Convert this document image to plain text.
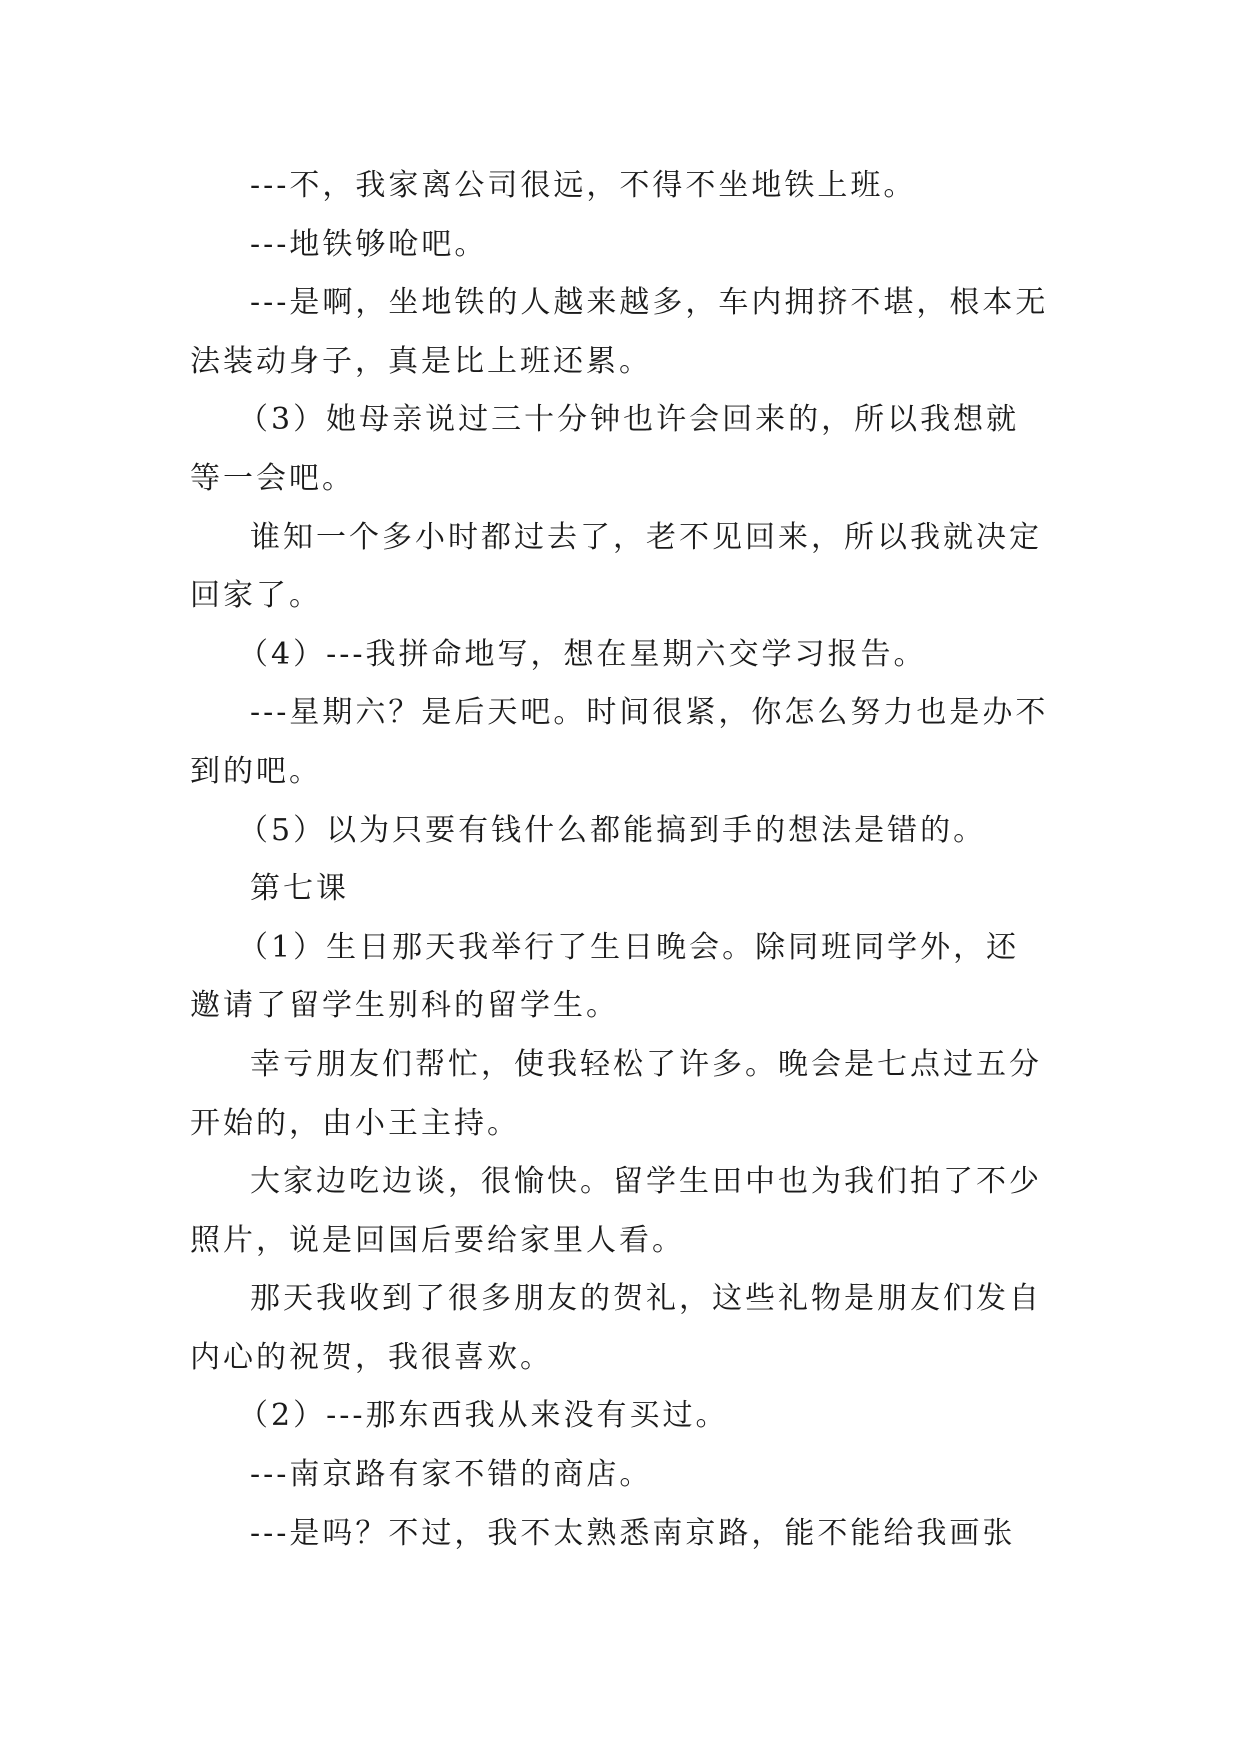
---不，我家离公司很远，不得不坐地铁上班。

---地铁够呛吧。

---是啊，坐地铁的人越来越多，车内拥挤不堪，根本无法装动身子，真是比上班还累。

（3）她母亲说过三十分钟也许会回来的，所以我想就等一会吧。

谁知一个多小时都过去了，老不见回来，所以我就决定回家了。

（4）---我拼命地写，想在星期六交学习报告。

---星期六？是后天吧。时间很紧，你怎么努力也是办不到的吧。

（5）以为只要有钱什么都能搞到手的想法是错的。

第七课

（1）生日那天我举行了生日晚会。除同班同学外，还邀请了留学生别科的留学生。

幸亏朋友们帮忙，使我轻松了许多。晚会是七点过五分开始的，由小王主持。

大家边吃边谈，很愉快。留学生田中也为我们拍了不少照片，说是回国后要给家里人看。

那天我收到了很多朋友的贺礼，这些礼物是朋友们发自内心的祝贺，我很喜欢。

（2）---那东西我从来没有买过。

---南京路有家不错的商店。

---是吗？不过，我不太熟悉南京路，能不能给我画张
